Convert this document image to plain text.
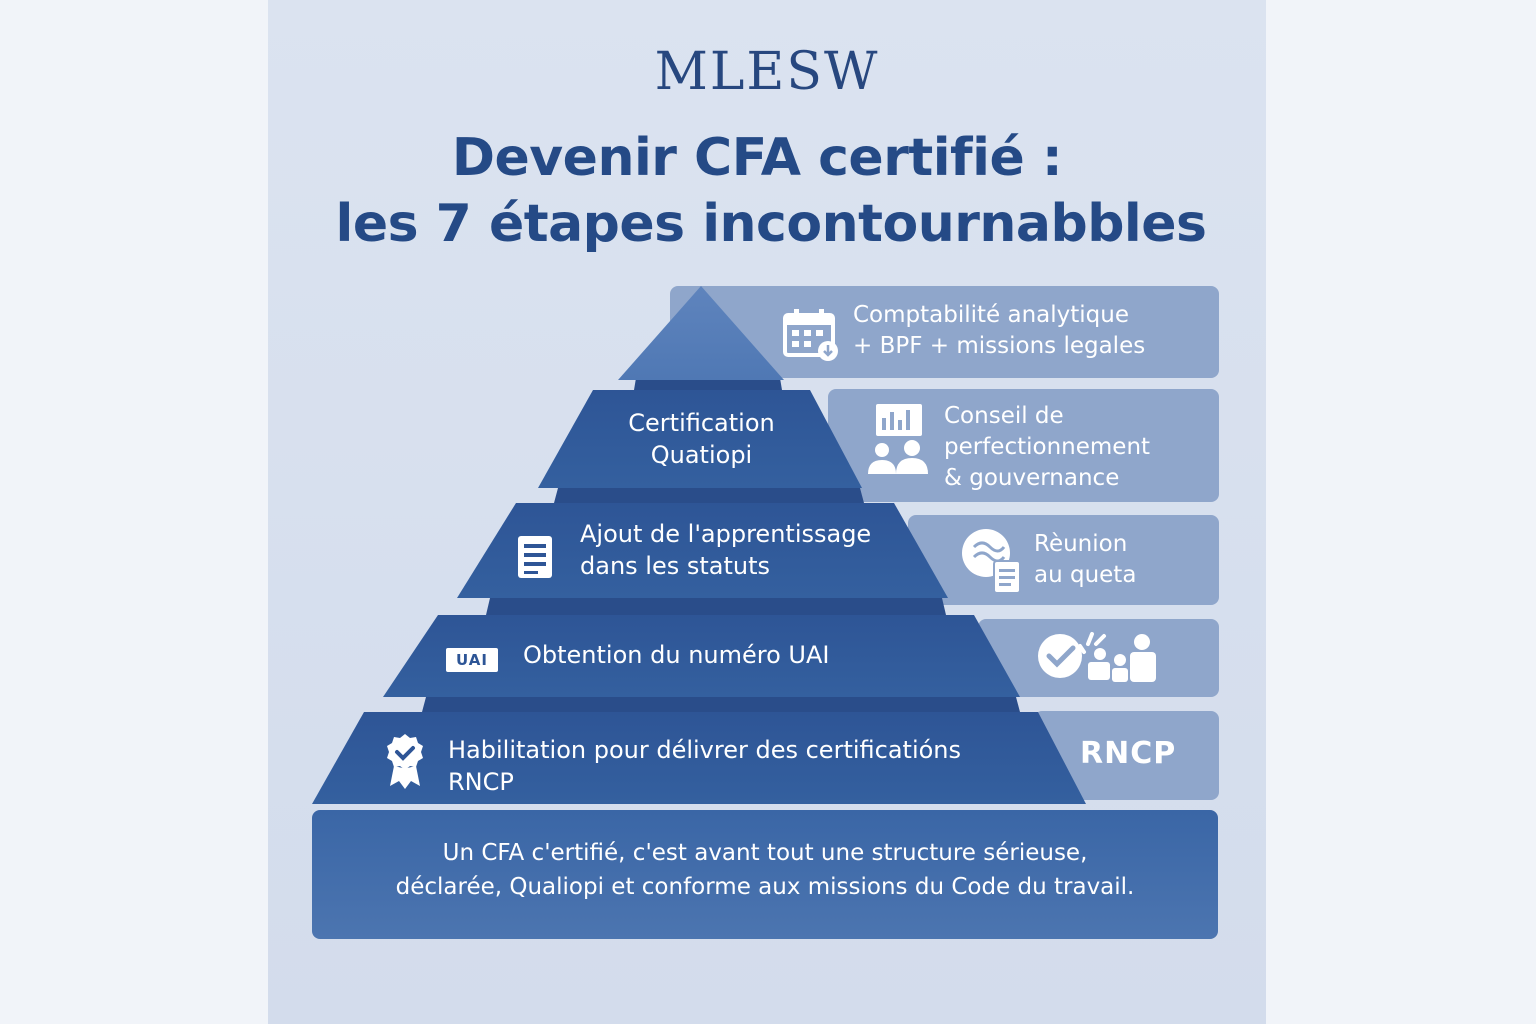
MLESW
Devenir CFA certifié :
les 7 étapes incontournabbles
Un CFA c'ertifié, c'est avant tout une structure sérieuse,
déclarée, Qualiopi et conforme aux missions du Code du travail.
Comptabilité analytique
+ BPF + missions legales
Certification
Quatiopi
Conseil de
perfectionnement
& gouvernance
Ajout de l'apprentissage
dans les statuts
Rèunion
au queta
UAI	Obtention du numéro UAI
Habilitation pour délivrer des certificatións
RNCP
RNCP
